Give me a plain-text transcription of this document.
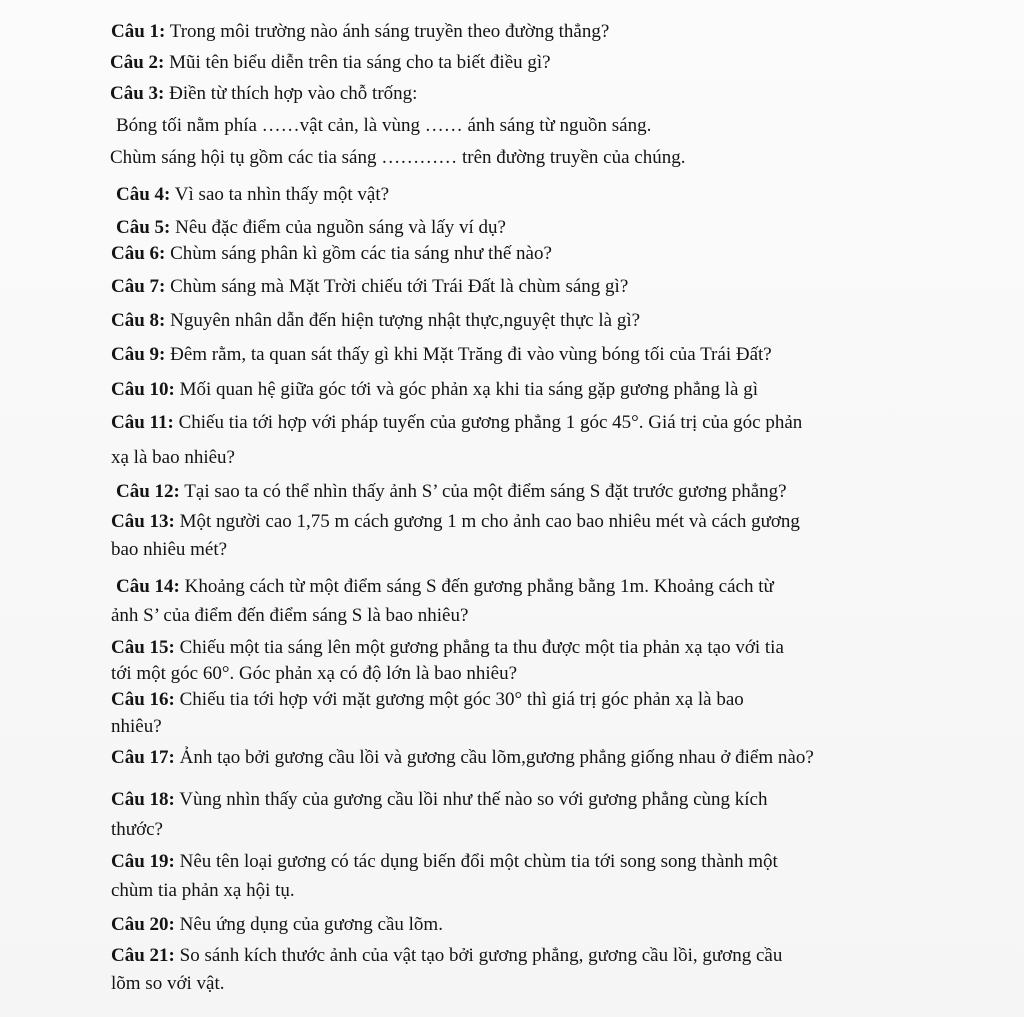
Câu 1: Trong môi trường nào ánh sáng truyền theo đường thẳng?
Câu 2: Mũi tên biểu diễn trên tia sáng cho ta biết điều gì?
Câu 3: Điền từ thích hợp vào chỗ trống:
Bóng tối nằm phía ……vật cản, là vùng …… ánh sáng từ nguồn sáng.
Chùm sáng hội tụ gồm các tia sáng ………… trên đường truyền của chúng.
Câu 4: Vì sao ta nhìn thấy một vật?
Câu 5: Nêu đặc điểm của nguồn sáng và lấy ví dụ?
Câu 6: Chùm sáng phân kì gồm các tia sáng như thế nào?
Câu 7: Chùm sáng mà Mặt Trời chiếu tới Trái Đất là chùm sáng gì?
Câu 8: Nguyên nhân dẫn đến hiện tượng nhật thực,nguyệt thực là gì?
Câu 9: Đêm rằm, ta quan sát thấy gì khi Mặt Trăng đi vào vùng bóng tối của Trái Đất?
Câu 10: Mối quan hệ giữa góc tới và góc phản xạ khi tia sáng gặp gương phẳng là gì
Câu 11: Chiếu tia tới hợp với pháp tuyến của gương phẳng 1 góc 45°. Giá trị của góc phản
xạ là bao nhiêu?
Câu 12: Tại sao ta có thể nhìn thấy ảnh S’ của một điểm sáng S đặt trước gương phẳng?
Câu 13: Một người cao 1,75 m cách gương 1 m cho ảnh cao bao nhiêu mét và cách gương
bao nhiêu mét?
Câu 14: Khoảng cách từ một điểm sáng S đến gương phẳng bằng 1m. Khoảng cách từ
ảnh S’ của điểm đến điểm sáng S là bao nhiêu?
Câu 15: Chiếu một tia sáng lên một gương phẳng ta thu được một tia phản xạ tạo với tia
tới một góc 60°. Góc phản xạ có độ lớn là bao nhiêu?
Câu 16: Chiếu tia tới hợp với mặt gương một góc 30° thì giá trị góc phản xạ là bao
nhiêu?
Câu 17: Ảnh tạo bởi gương cầu lồi và gương cầu lõm,gương phẳng giống nhau ở điểm nào?
Câu 18: Vùng nhìn thấy của gương cầu lồi như thế nào so với gương phẳng cùng kích
thước?
Câu 19: Nêu tên loại gương có tác dụng biến đổi một chùm tia tới song song thành một
chùm tia phản xạ hội tụ.
Câu 20: Nêu ứng dụng của gương cầu lõm.
Câu 21: So sánh kích thước ảnh của vật tạo bởi gương phẳng, gương cầu lồi, gương cầu
lõm so với vật.
